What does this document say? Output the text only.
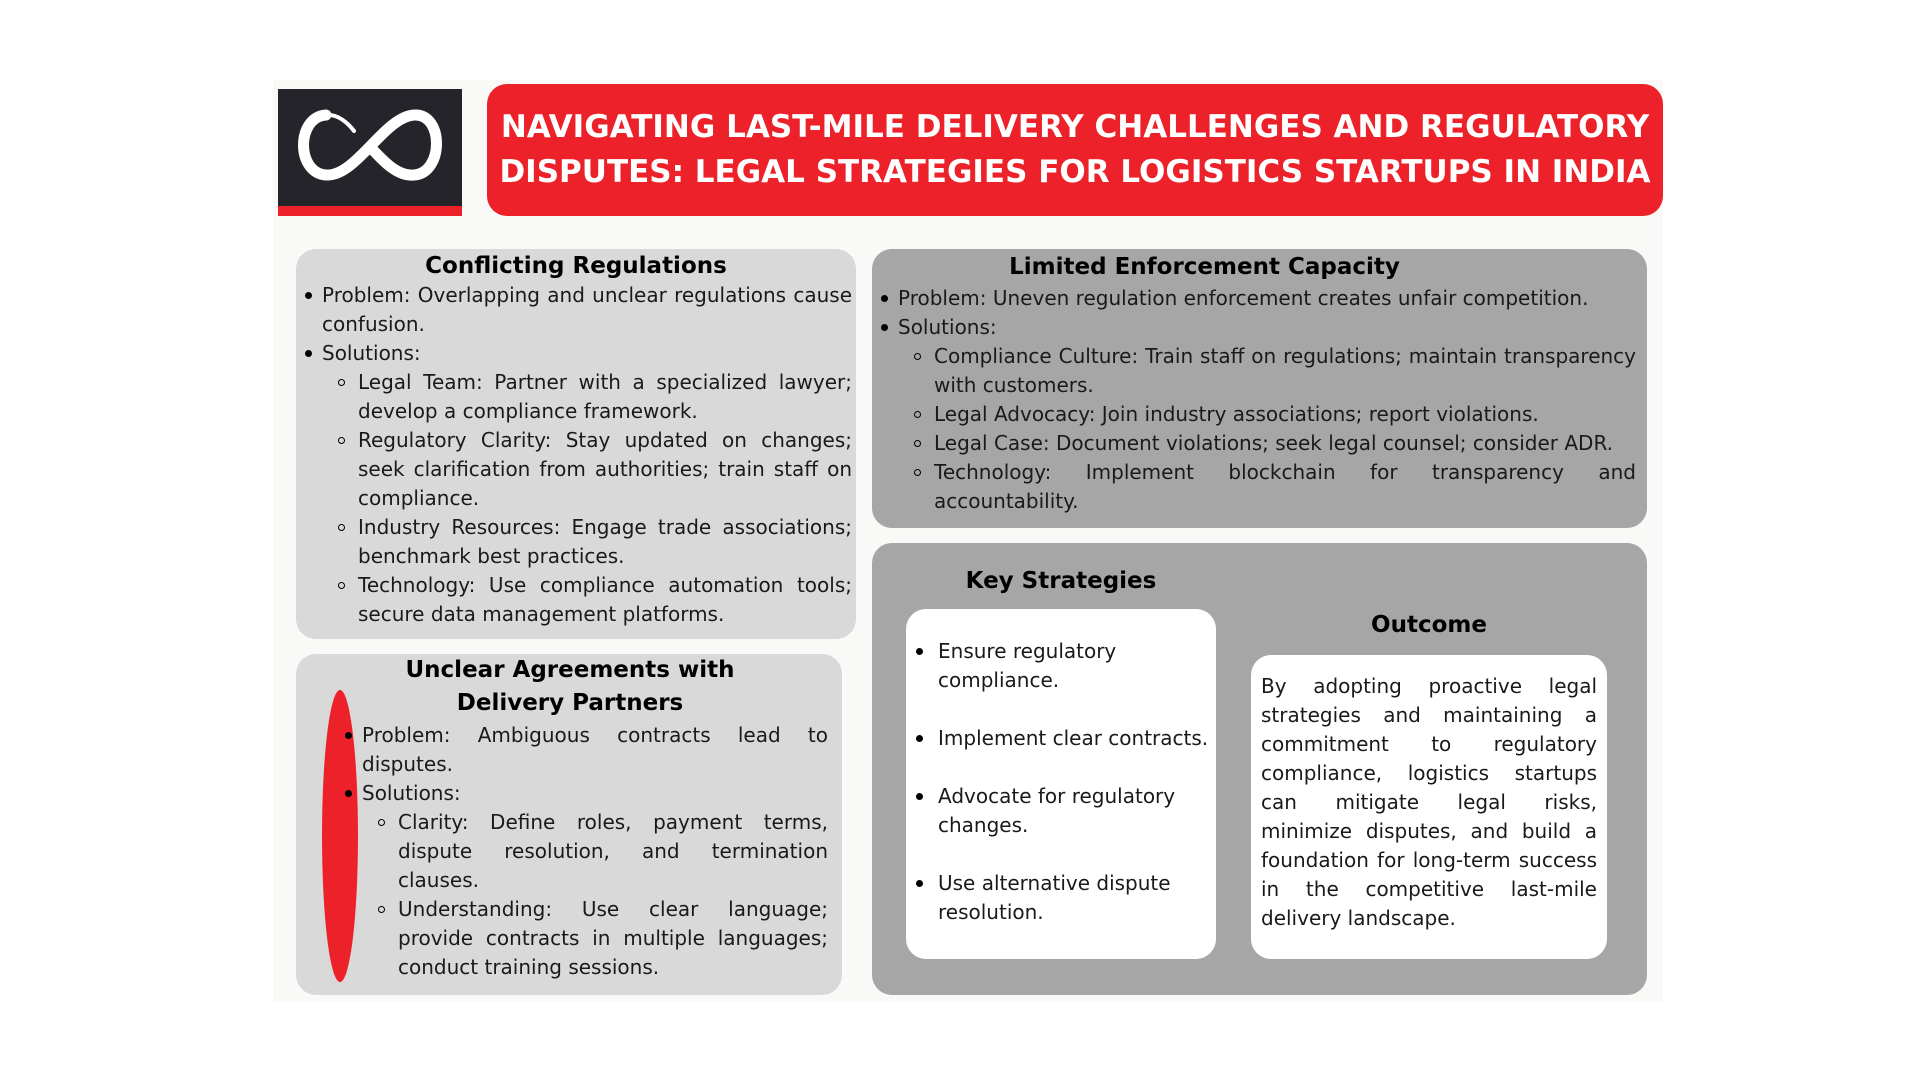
NAVIGATING LAST-MILE DELIVERY CHALLENGES AND REGULATORY DISPUTES: LEGAL STRATEGIES FOR LOGISTICS STARTUPS IN INDIA
Conflicting Regulations
Problem: Overlapping and unclear regulations cause confusion.
Solutions:
Legal Team: Partner with a specialized lawyer; develop a compliance framework.
Regulatory Clarity: Stay updated on changes; seek clarification from authorities; train staff on compliance.
Industry Resources: Engage trade associations; benchmark best practices.
Technology: Use compliance automation tools; secure data management platforms.
Unclear Agreements with
Delivery Partners
Problem: Ambiguous contracts lead to disputes.
Solutions:
Clarity: Define roles, payment terms, dispute resolution, and termination clauses.
Understanding: Use clear language; provide contracts in multiple languages; conduct training sessions.
Limited Enforcement Capacity
Problem: Uneven regulation enforcement creates unfair competition.
Solutions:
Compliance Culture: Train staff on regulations; maintain transparency with customers.
Legal Advocacy: Join industry associations; report violations.
Legal Case: Document violations; seek legal counsel; consider ADR.
Technology: Implement blockchain for transparency and accountability.
Key Strategies
Ensure regulatory compliance.
Implement clear contracts.
Advocate for regulatory changes.
Use alternative dispute resolution.
Outcome
By adopting proactive legal strategies and maintaining a commitment to regulatory compliance, logistics startups can mitigate legal risks, minimize disputes, and build a foundation for long-term success in the competitive last-mile delivery landscape.
